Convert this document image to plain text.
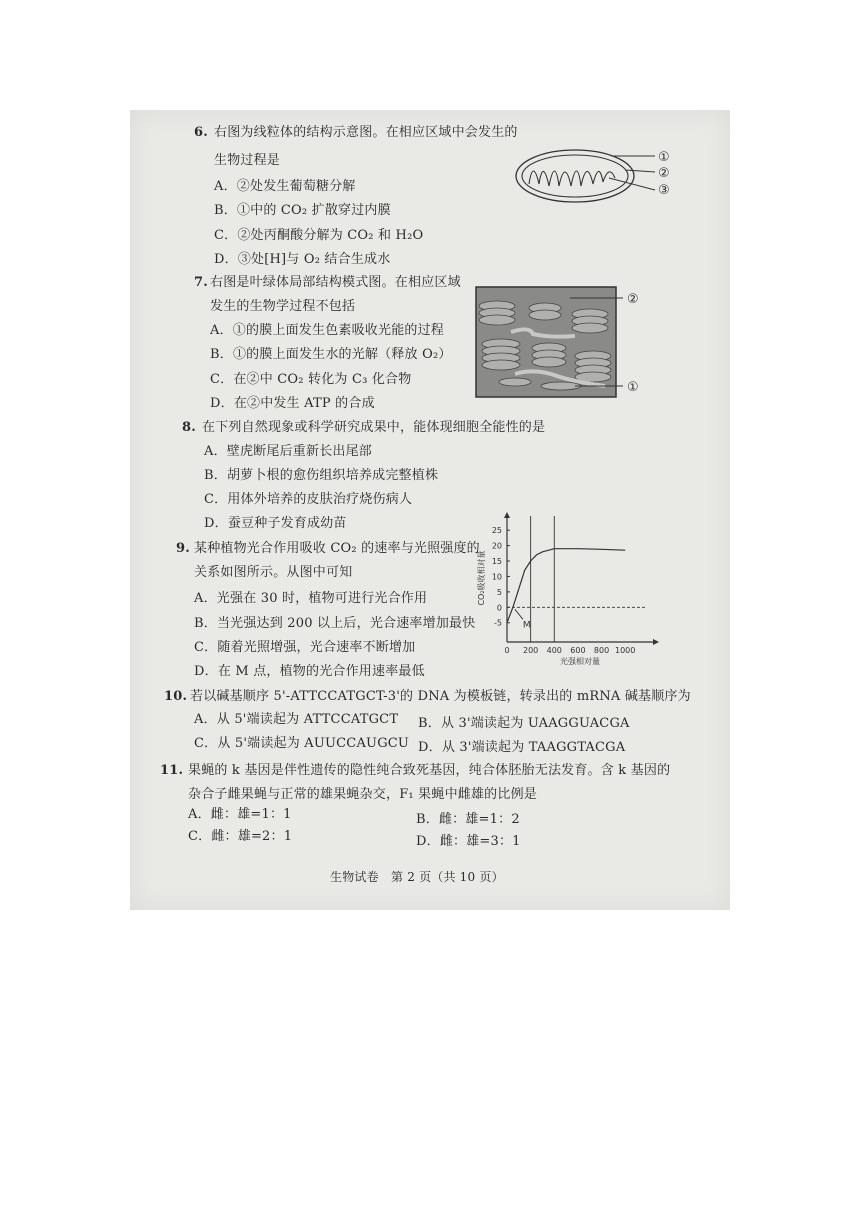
6. 右图为线粒体的结构示意图。在相应区域中会发生的
生物过程是
A．②处发生葡萄糖分解
B．①中的 CO₂ 扩散穿过内膜
C．②处丙酮酸分解为 CO₂ 和 H₂O
D．③处[H]与 O₂ 结合生成水
①
②
③
7. 右图是叶绿体局部结构模式图。在相应区域
发生的生物学过程不包括
A．①的膜上面发生色素吸收光能的过程
B．①的膜上面发生水的光解（释放 O₂）
C．在②中 CO₂ 转化为 C₃ 化合物
D．在②中发生 ATP 的合成
②
①
8. 在下列自然现象或科学研究成果中，能体现细胞全能性的是
A．壁虎断尾后重新长出尾部
B．胡萝卜根的愈伤组织培养成完整植株
C．用体外培养的皮肤治疗烧伤病人
D．蚕豆种子发育成幼苗
9. 某种植物光合作用吸收 CO₂ 的速率与光照强度的
关系如图所示。从图中可知
A．光强在 30 时，植物可进行光合作用
B．当光强达到 200 以上后，光合速率增加最快
C．随着光照增强，光合速率不断增加
D．在 M 点，植物的光合作用速率最低
25
20
15
10
5
0
-5
0 200 400 600 800 1000
光强相对量
CO₂吸收相对量
M
10. 若以碱基顺序 5'-ATTCCATGCT-3'的 DNA 为模板链，转录出的 mRNA 碱基顺序为
A．从 5'端读起为 ATTCCATGCT B．从 3'端读起为 UAAGGUACGA
C．从 5'端读起为 AUUCCAUGCU D．从 3'端读起为 TAAGGTACGA
11. 果蝇的 k 基因是伴性遗传的隐性纯合致死基因，纯合体胚胎无法发育。含 k 基因的
杂合子雌果蝇与正常的雄果蝇杂交，F₁ 果蝇中雌雄的比例是
A．雌：雄=1：1	B．雌：雄=1：2
C．雌：雄=2：1	D．雌：雄=3：1
生物试卷　第 2 页（共 10 页）
